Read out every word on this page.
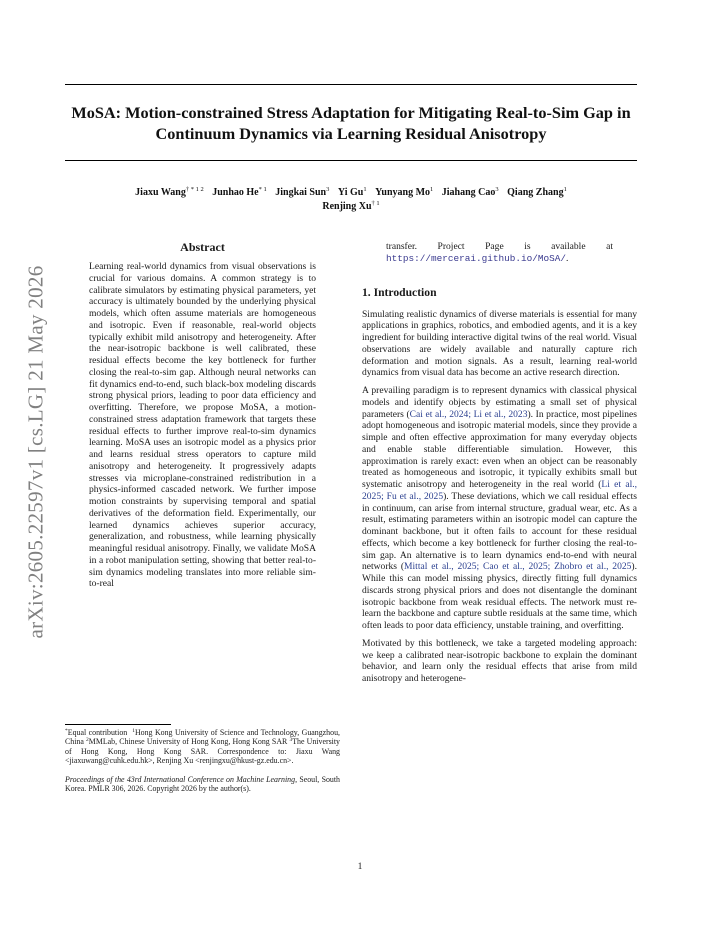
MoSA: Motion-constrained Stress Adaptation for Mitigating Real-to-Sim Gap in Continuum Dynamics via Learning Residual Anisotropy
Jiaxu Wang$^{\dagger * 1 2}$ Junhao He$^{* 1}$ Jingkai Sun$^3$ Yi Gu$^1$ Yunyang Mo$^1$ Jiahang Cao$^3$ Qiang Zhang$^1$
Renjing Xu$^{\dagger 1}$
arXiv:2605.22597v1 [cs.LG] 21 May 2026
Abstract
Learning real-world dynamics from visual observations is crucial for various domains. A common strategy is to calibrate simulators by estimating physical parameters, yet accuracy is ultimately bounded by the underlying physical models, which often assume materials are homogeneous and isotropic. Even if reasonable, real-world objects typically exhibit mild anisotropy and heterogeneity. After the near-isotropic backbone is well calibrated, these residual effects become the key bottleneck for further closing the real-to-sim gap. Although neural networks can fit dynamics end-to-end, such black-box modeling discards strong physical priors, leading to poor data efficiency and overfitting. Therefore, we propose MoSA, a motion-constrained stress adaptation framework that targets these residual effects to further improve real-to-sim dynamics learning. MoSA uses an isotropic model as a physics prior and learns residual stress operators to capture mild anisotropy and heterogeneity. It progressively adapts stresses via microplane-constrained redistribution in a physics-informed cascaded network. We further impose motion constraints by supervising temporal and spatial derivatives of the deformation field. Experimentally, our learned dynamics achieves superior accuracy, generalization, and robustness, while learning physically meaningful residual anisotropy. Finally, we validate MoSA in a robot manipulation setting, showing that better real-to-sim dynamics modeling translates into more reliable sim-to-real
transfer. Project Page is available at https://mercerai.github.io/MoSA/.
1. Introduction

Simulating realistic dynamics of diverse materials is essential for many applications in graphics, robotics, and embodied agents, and it is a key ingredient for building interactive digital twins of the real world. Visual observations are widely available and naturally capture rich deformation and motion signals. As a result, learning real-world dynamics from visual data has become an active research direction.

A prevailing paradigm is to represent dynamics with classical physical models and identify objects by estimating a small set of physical parameters (Cai et al., 2024; Li et al., 2023). In practice, most pipelines adopt homogeneous and isotropic material models, since they provide a simple and often effective approximation for many everyday objects and enable stable differentiable simulation. However, this approximation is rarely exact: even when an object can be reasonably treated as homogeneous and isotropic, it typically exhibits small but systematic anisotropy and heterogeneity in the real world (Li et al., 2025; Fu et al., 2025). These deviations, which we call residual effects in continuum, can arise from internal structure, gradual wear, etc. As a result, estimating parameters within an isotropic model can capture the dominant backbone, but it often fails to account for these residual effects, which become a key bottleneck for further closing the real-to-sim gap. An alternative is to learn dynamics end-to-end with neural networks (Mittal et al., 2025; Cao et al., 2025; Zhobro et al., 2025). While this can model missing physics, directly fitting full dynamics discards strong physical priors and does not disentangle the dominant isotropic backbone from weak residual effects. The network must re-learn the backbone and capture subtle residuals at the same time, which often leads to poor data efficiency, unstable training, and overfitting.

Motivated by this bottleneck, we take a targeted modeling approach: we keep a calibrated near-isotropic backbone to explain the dominant behavior, and learn only the residual effects that arise from mild anisotropy and heterogene-

*Equal contribution $^1$Hong Kong University of Science and Technology, Guangzhou, China $^2$MMLab, Chinese University of Hong Kong, Hong Kong SAR $^3$The University of Hong Kong, Hong Kong SAR. Correspondence to: Jiaxu Wang <jiaxuwang@cuhk.edu.hk>, Renjing Xu <renjingxu@hkust-gz.edu.cn>.
Proceedings of the 43rd International Conference on Machine Learning, Seoul, South Korea. PMLR 306, 2026. Copyright 2026 by the author(s).
1
